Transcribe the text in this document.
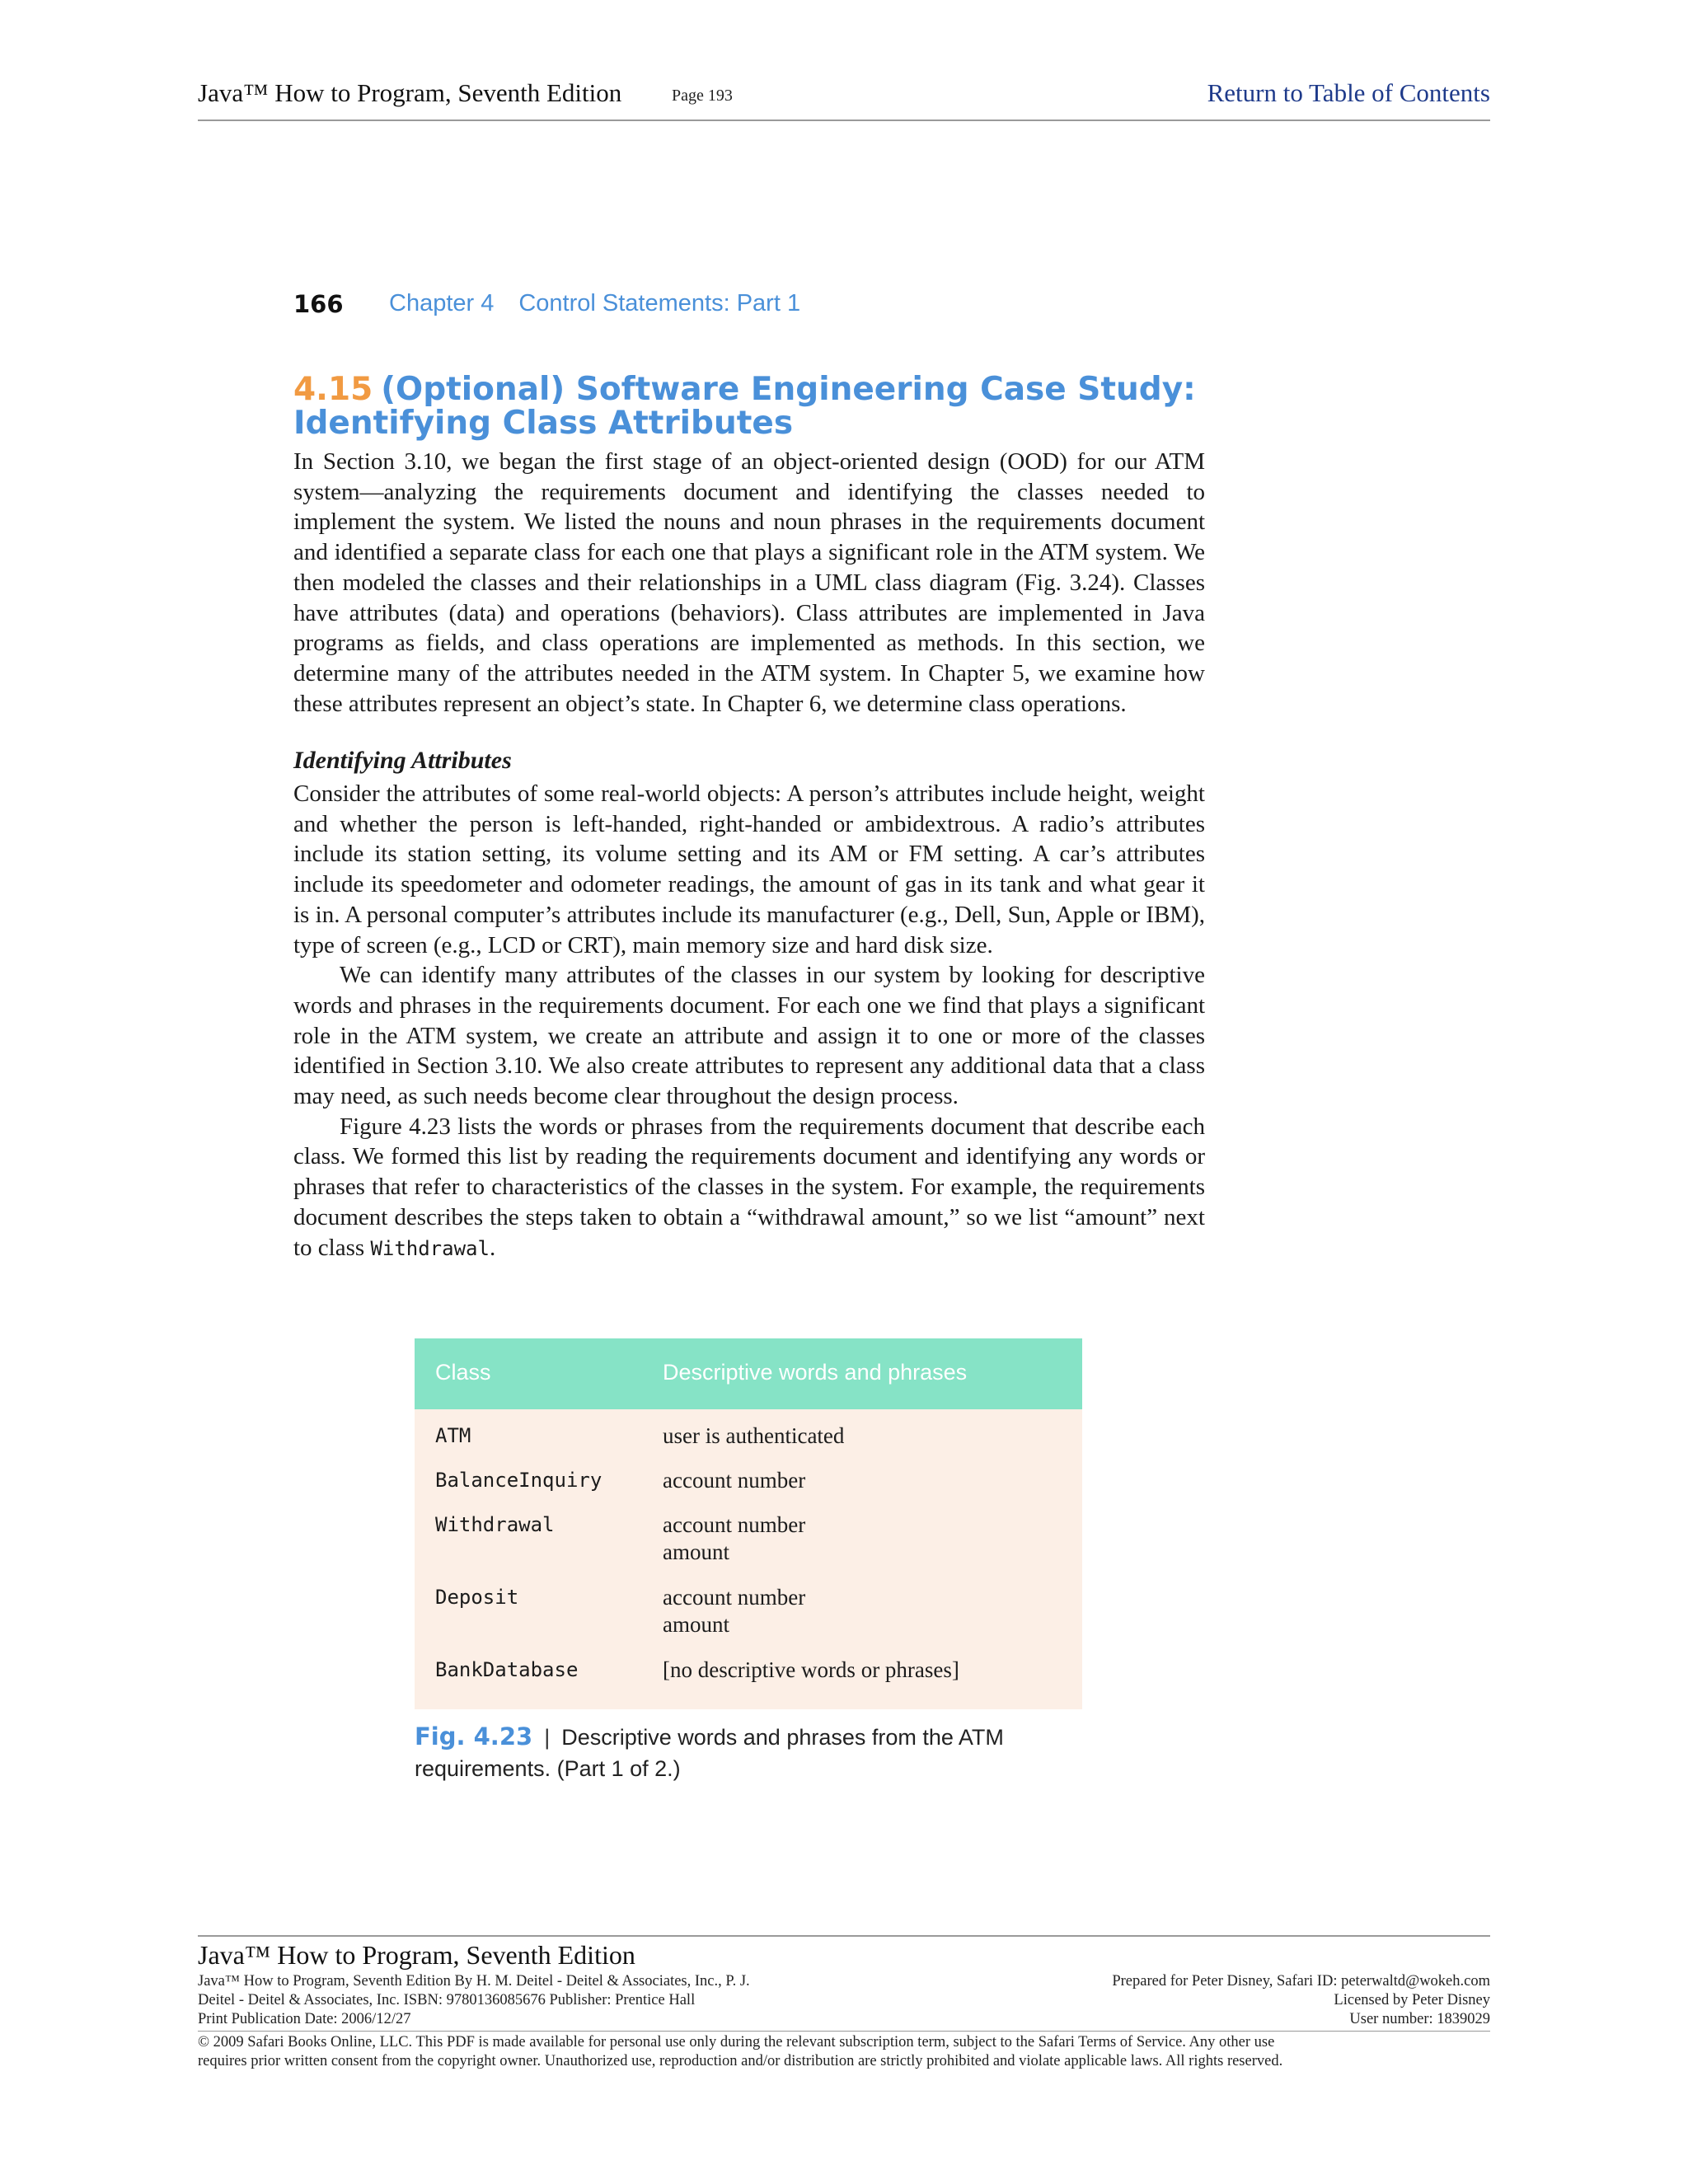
Java™ How to Program, Seventh Edition	Page 193	Return to Table of Contents
166 Chapter 4 Control Statements: Part 1
4.15 (Optional) Software Engineering Case Study: Identifying Class Attributes

In Section 3.10, we began the first stage of an object-oriented design (OOD) for our ATM system—analyzing the requirements document and identifying the classes needed to implement the system. We listed the nouns and noun phrases in the requirements document and identified a separate class for each one that plays a significant role in the ATM system. We then modeled the classes and their relationships in a UML class diagram (Fig. 3.24). Classes have attributes (data) and operations (behaviors). Class attributes are implemented in Java programs as fields, and class operations are implemented as methods. In this section, we determine many of the attributes needed in the ATM system. In Chapter 5, we examine how these attributes represent an object’s state. In Chapter 6, we determine class operations.

Identifying Attributes

Consider the attributes of some real-world objects: A person’s attributes include height, weight and whether the person is left-handed, right-handed or ambidextrous. A radio’s attributes include its station setting, its volume setting and its AM or FM setting. A car’s attributes include its speedometer and odometer readings, the amount of gas in its tank and what gear it is in. A personal computer’s attributes include its manufacturer (e.g., Dell, Sun, Apple or IBM), type of screen (e.g., LCD or CRT), main memory size and hard disk size.

We can identify many attributes of the classes in our system by looking for descriptive words and phrases in the requirements document. For each one we find that plays a significant role in the ATM system, we create an attribute and assign it to one or more of the classes identified in Section 3.10. We also create attributes to represent any additional data that a class may need, as such needs become clear throughout the design process.

Figure 4.23 lists the words or phrases from the requirements document that describe each class. We formed this list by reading the requirements document and identifying any words or phrases that refer to characteristics of the classes in the system. For example, the requirements document describes the steps taken to obtain a “withdrawal amount,” so we list “amount” next to class Withdrawal.

Class	Descriptive words and phrases
ATM	user is authenticated
BalanceInquiry	account number
Withdrawal	account number
amount
Deposit	account number
amount
BankDatabase	[no descriptive words or phrases]
Fig. 4.23 | Descriptive words and phrases from the ATM requirements. (Part 1 of 2.)
Java™ How to Program, Seventh Edition
Java™ How to Program, Seventh Edition By H. M. Deitel - Deitel & Associates, Inc., P. J.
Deitel - Deitel & Associates, Inc. ISBN: 9780136085676 Publisher: Prentice Hall
Print Publication Date: 2006/12/27
Prepared for Peter Disney, Safari ID: peterwaltd@wokeh.com
Licensed by Peter Disney
User number: 1839029
© 2009 Safari Books Online, LLC. This PDF is made available for personal use only during the relevant subscription term, subject to the Safari Terms of Service. Any other use
requires prior written consent from the copyright owner. Unauthorized use, reproduction and/or distribution are strictly prohibited and violate applicable laws. All rights reserved.
